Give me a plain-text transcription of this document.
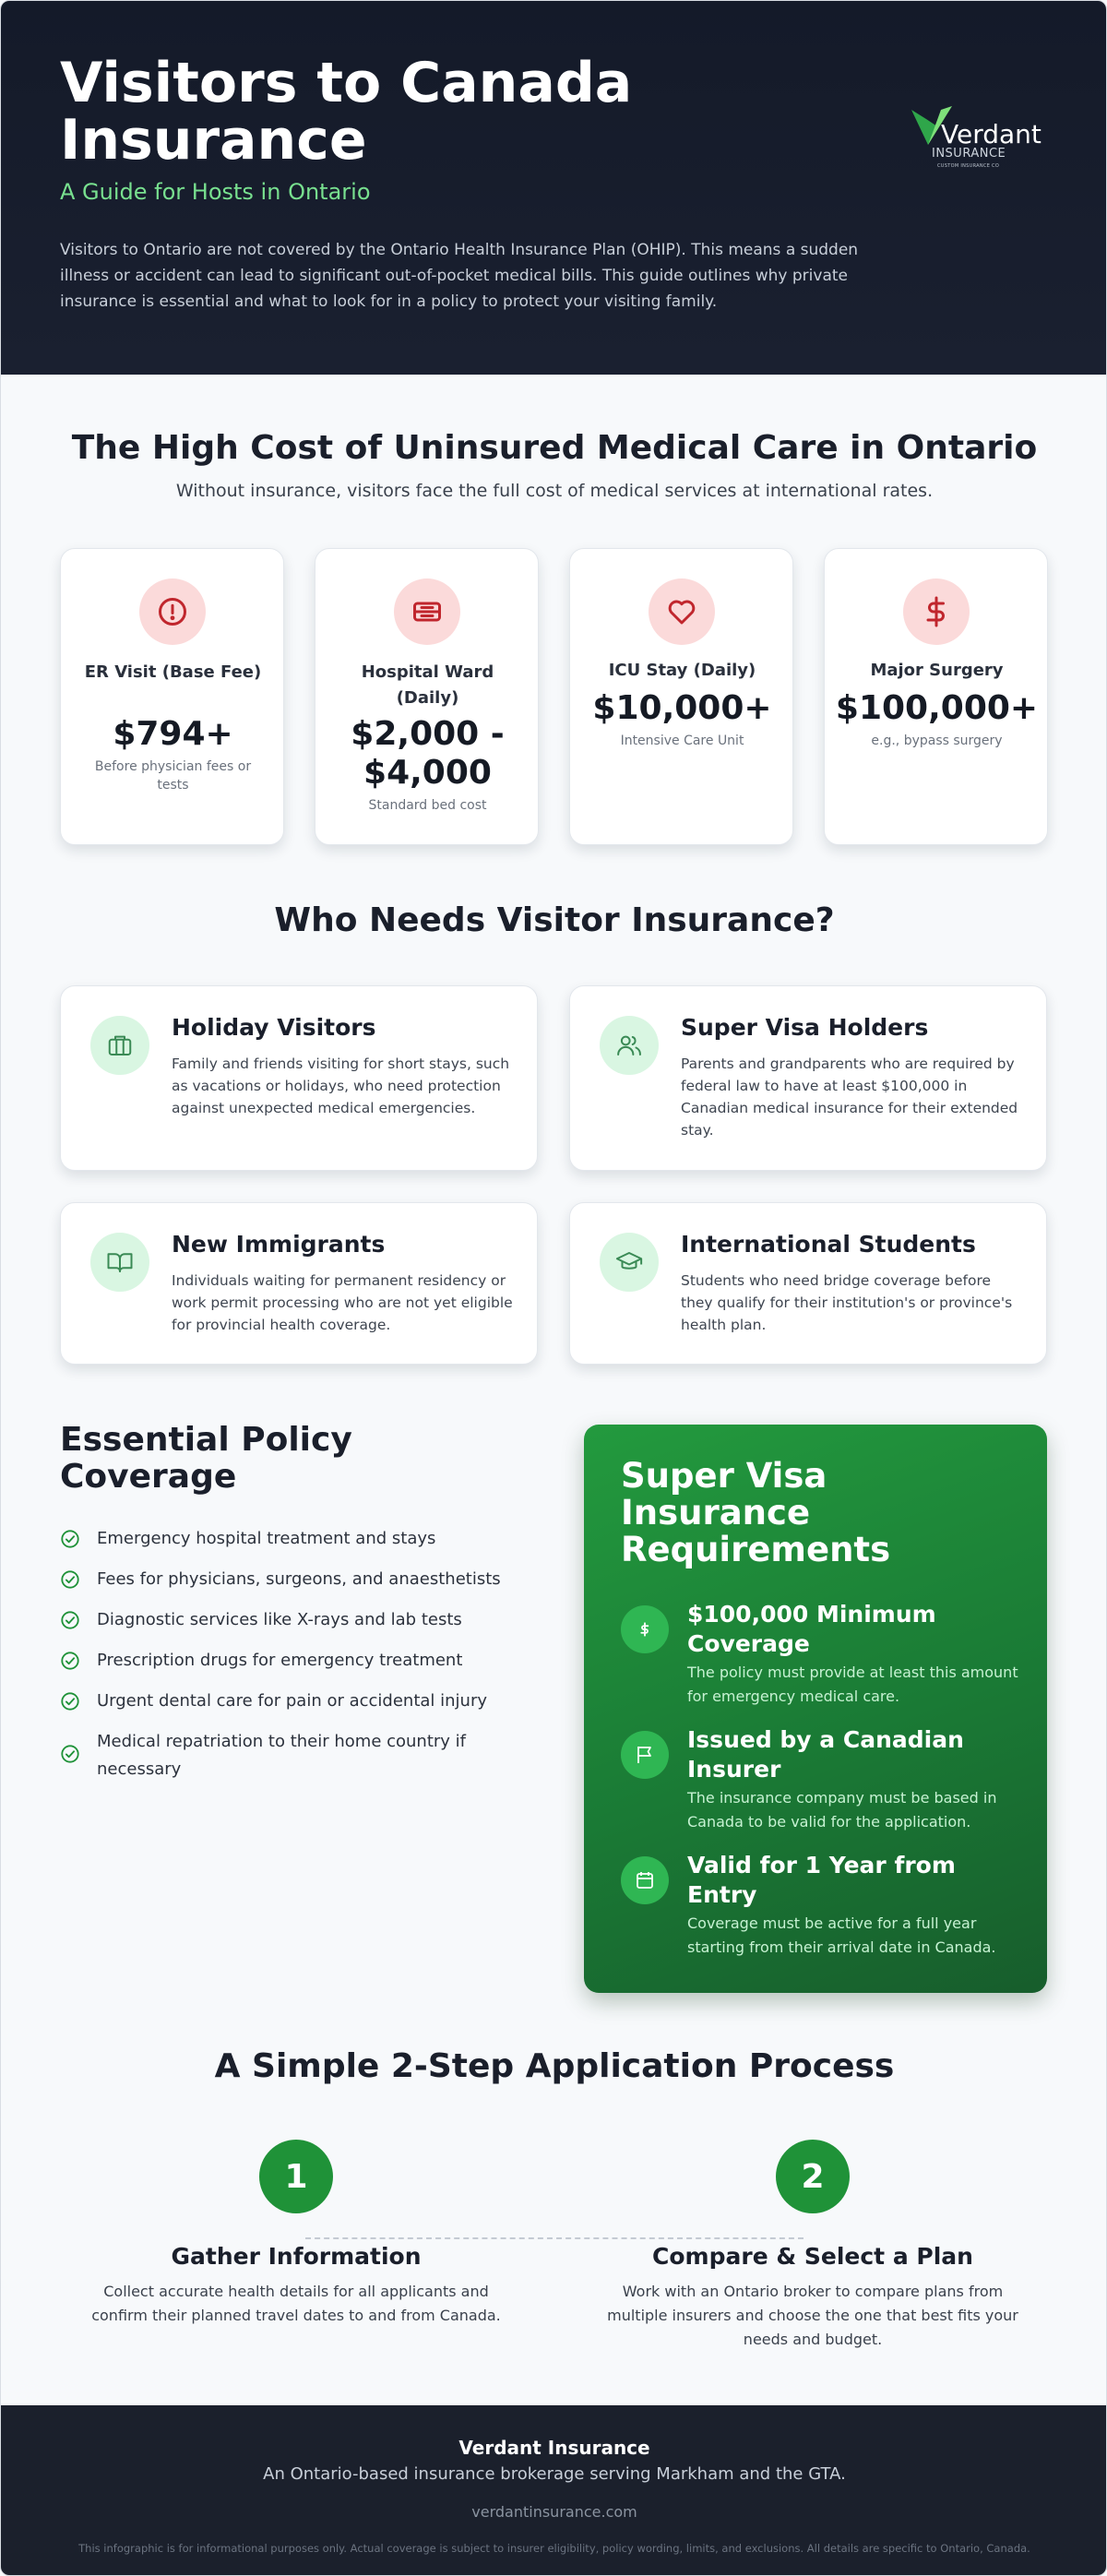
Visitors to Canada Insurance
A Guide for Hosts in Ontario
Visitors to Ontario are not covered by the Ontario Health Insurance Plan (OHIP). This means a sudden illness or accident can lead to significant out-of-pocket medical bills. This guide outlines why private insurance is essential and what to look for in a policy to protect your visiting family.
Verdant
INSURANCE
CUSTOM INSURANCE CO
The High Cost of Uninsured Medical Care in Ontario
Without insurance, visitors face the full cost of medical services at international rates.
ER Visit (Base Fee)
$794+
Before physician fees or tests
Hospital Ward (Daily)
$2,000 - $4,000
Standard bed cost
ICU Stay (Daily)
$10,000+
Intensive Care Unit
Major Surgery
$100,000+
e.g., bypass surgery
Who Needs Visitor Insurance?
Holiday Visitors
Family and friends visiting for short stays, such as vacations or holidays, who need protection against unexpected medical emergencies.
Super Visa Holders
Parents and grandparents who are required by federal law to have at least $100,000 in Canadian medical insurance for their extended stay.
New Immigrants
Individuals waiting for permanent residency or work permit processing who are not yet eligible for provincial health coverage.
International Students
Students who need bridge coverage before they qualify for their institution's or province's health plan.
Essential Policy Coverage
Emergency hospital treatment and stays
Fees for physicians, surgeons, and anaesthetists
Diagnostic services like X-rays and lab tests
Prescription drugs for emergency treatment
Urgent dental care for pain or accidental injury
Medical repatriation to their home country if necessary
Super Visa Insurance Requirements
$100,000 Minimum Coverage
The policy must provide at least this amount for emergency medical care.
Issued by a Canadian Insurer
The insurance company must be based in Canada to be valid for the application.
Valid for 1 Year from Entry
Coverage must be active for a full year starting from their arrival date in Canada.
A Simple 2-Step Application Process
1
Gather Information
Collect accurate health details for all applicants and confirm their planned travel dates to and from Canada.
2
Compare & Select a Plan
Work with an Ontario broker to compare plans from multiple insurers and choose the one that best fits your needs and budget.
Verdant Insurance
An Ontario-based insurance brokerage serving Markham and the GTA.
verdantinsurance.com
This infographic is for informational purposes only. Actual coverage is subject to insurer eligibility, policy wording, limits, and exclusions. All details are specific to Ontario, Canada.
